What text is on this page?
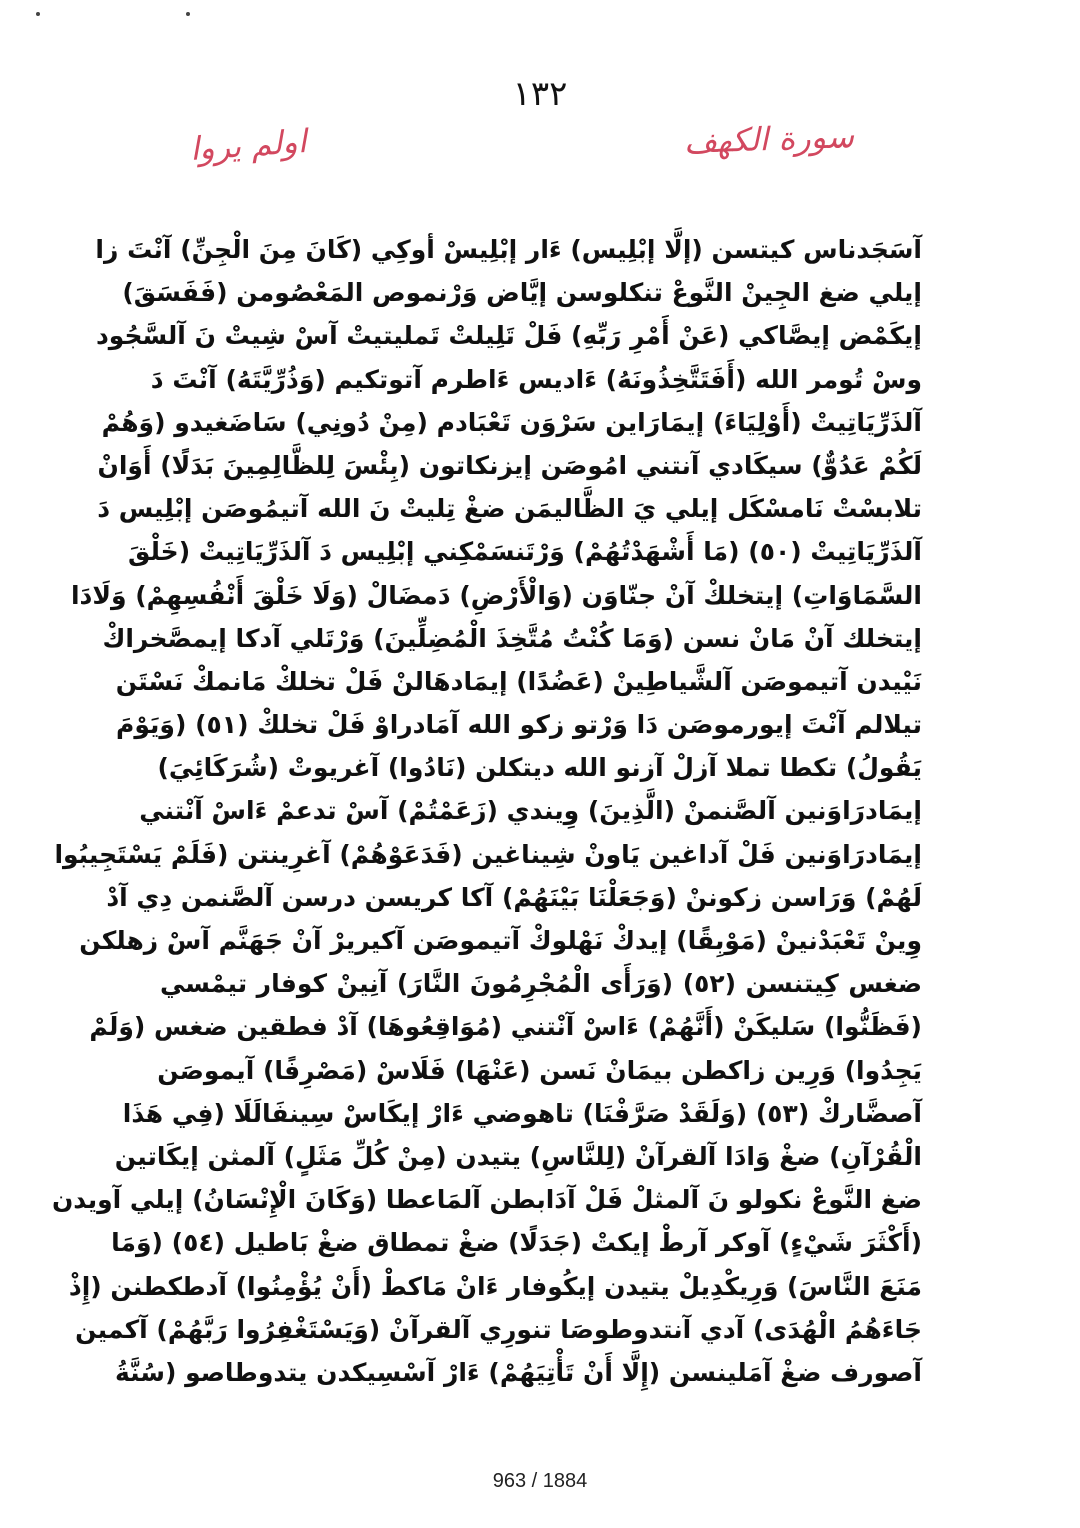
١٣٢
اولم يروا	سورة الكهف
آسَجَدناس كيتسن (إلَّا إبْلِيس) ءَار إبْلِيسْ أوكِي (كَانَ مِنَ الْجِنِّ) آنْتَ زا
إيلي ضغ الجِينْ النَّوعْ تنكلوسن إيَّاض وَرْنموص المَعْصُومن (فَفَسَقَ)
إيكَمْض إيصَّاكي (عَنْ أَمْرِ رَبِّهِ) فَلْ تَلِيلتْ تَمليتيتْ آسْ شِيتْ نَ آلسَّجُود
وسْ تُومر الله (أَفَتَتَّخِذُونَهُ) ءَاديس ءَاطرم آتوتكيم (وَذُرِّيَّتَهُ) آنْتَ دَ
آلذَرِّيَاتِيتْ (أَوْلِيَاءَ) إيمَارَاين سَرْوَن تَعْبَادم (مِنْ دُونِي) سَاضَغيدو (وَهُمْ
لَكُمْ عَدُوٌّ) سيكَادي آنتني امُوصَن إيزنكاتون (بِئْسَ لِلظَّالِمِينَ بَدَلًا) أَوَانْ
تلابسْتْ نَامسْكَل إيلي يَ الظَّاليمَن ضغْ تِليتْ نَ الله آتيمُوصَن إبْلِيس دَ
آلذَرِّيَاتِيتْ (٥٠) (مَا أَشْهَدْتُهُمْ) وَرْتَنسَمْكِني إبْلِيس دَ آلذَرِّيَاتِيتْ (خَلْقَ
السَّمَاوَاتِ) إيتخلكْ آنْ جنّاوَن (وَالْأَرْضِ) دَمضَالْ (وَلَا خَلْقَ أَنْفُسِهِمْ) وَلَادَا
إيتخلك آنْ مَانْ نسن (وَمَا كُنْتُ مُتَّخِذَ الْمُضِلِّينَ) وَرْتَلي آدكا إيمصَّخراكْ
نَيْيدن آتيموصَن آلشَّياطِينْ (عَضُدًا) إيمَادهَالنْ فَلْ تخلكْ مَانمكْ نَسْتَن
تيلالم آنْتَ إيورموصَن دَا وَرْتو زكو الله آمَادراوْ فَلْ تخلكْ (٥١) (وَيَوْمَ
يَقُولُ) تكطا تملا آزلْ آزنو الله ديتكلن (نَادُوا) آغريوتْ (شُرَكَائِيَ)
إيمَادرَاوَنين آلصَّنمنْ (الَّذِينَ) وِيندي (زَعَمْتُمْ) آسْ تدعمْ ءَاسْ آنْتني
إيمَادرَاوَنين فَلْ آداغين يَاونْ شِيناغين (فَدَعَوْهُمْ) آغرِينتن (فَلَمْ يَسْتَجِيبُوا
لَهُمْ) وَرَاسن زكوننْ (وَجَعَلْنَا بَيْنَهُمْ) آكا كريسن درسن آلصَّنمن دِي آدْ
وِينْ تَعْبَدْنينْ (مَوْبِقًا) إيدكْ نَهْلوكْ آتيموصَن آكيريرْ آنْ جَهَنَّم آسْ زهلكن
ضغس كِيتنسن (٥٢) (وَرَأَى الْمُجْرِمُونَ النَّارَ) آنِينْ كوفار تيمْسي
(فَظَنُّوا) سَليكَنْ (أَنَّهُمْ) ءَاسْ آنْتني (مُوَاقِعُوهَا) آدْ فطقين ضغس (وَلَمْ
يَجِدُوا) وَرِين زاكطن بيمَانْ نَسن (عَنْهَا) فَلَاسْ (مَصْرِفًا) آيموصَن
آصضَّاركْ (٥٣) (وَلَقَدْ صَرَّفْنَا) تاهوضي ءَارْ إيكَاسْ سِينفَالَلَا (فِي هَذَا
الْقُرْآنِ) ضغْ وَادَا آلقرآنْ (لِلنَّاسِ) يتيدن (مِنْ كُلِّ مَثَلٍ) آلمثن إيكَاتين
ضغ النَّوعْ نكولو نَ آلمثلْ فَلْ آدَابطن آلمَاعطا (وَكَانَ الْإِنْسَانُ) إيلي آويدن
(أَكْثَرَ شَيْءٍ) آوكر آرطْ إيكتْ (جَدَلًا) ضغْ تمطاق ضغْ بَاطيل (٥٤) (وَمَا
مَنَعَ النَّاسَ) وَرِيكْدِيلْ يتيدن إيكُوفار ءَانْ مَاكطْ (أَنْ يُؤْمِنُوا) آدطكطنن (إِذْ
جَاءَهُمُ الْهُدَى) آدي آنتدوطوصَا تنورِي آلقرآنْ (وَيَسْتَغْفِرُوا رَبَّهُمْ) آكمين
آصورف ضغْ آمَلينسن (إِلَّا أَنْ تَأْتِيَهُمْ) ءَارْ آسْسِيكدن يتدوطاصو (سُنَّةُ
963 / 1884
